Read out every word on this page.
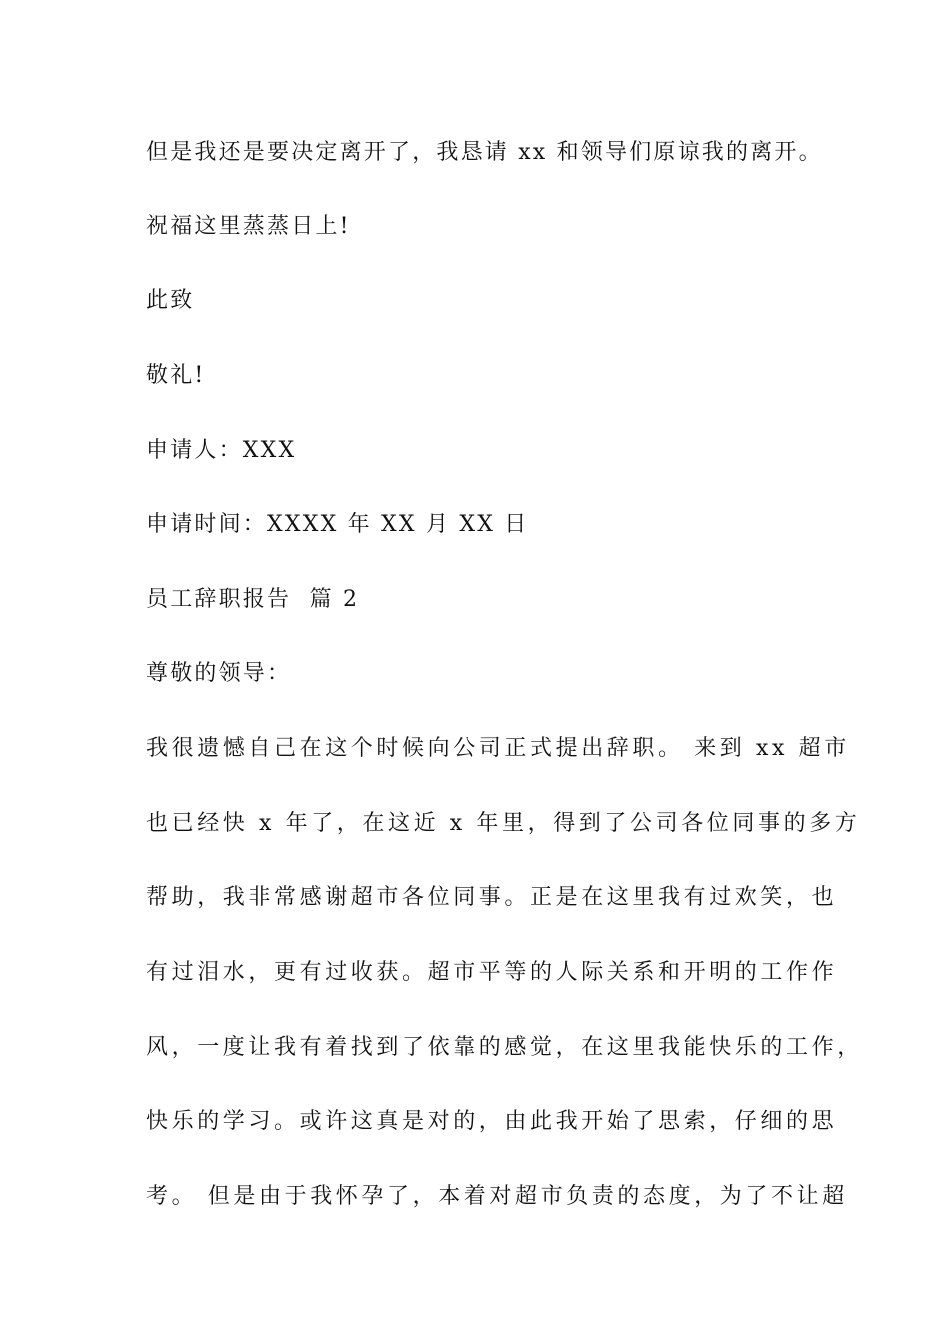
但是我还是要决定离开了，我恳请 xx 和领导们原谅我的离开。
祝福这里蒸蒸日上!
此致
敬礼!
申请人：XXX
申请时间：XXXX 年 XX 月 XX 日
员工辞职报告  篇 2
尊敬的领导：
我很遗憾自己在这个时候向公司正式提出辞职。 来到 xx 超市
也已经快 x 年了，在这近 x 年里，得到了公司各位同事的多方
帮助，我非常感谢超市各位同事。正是在这里我有过欢笑，也
有过泪水，更有过收获。超市平等的人际关系和开明的工作作
风，一度让我有着找到了依靠的感觉，在这里我能快乐的工作，
快乐的学习。或许这真是对的，由此我开始了思索，仔细的思
考。 但是由于我怀孕了，本着对超市负责的态度，为了不让超
